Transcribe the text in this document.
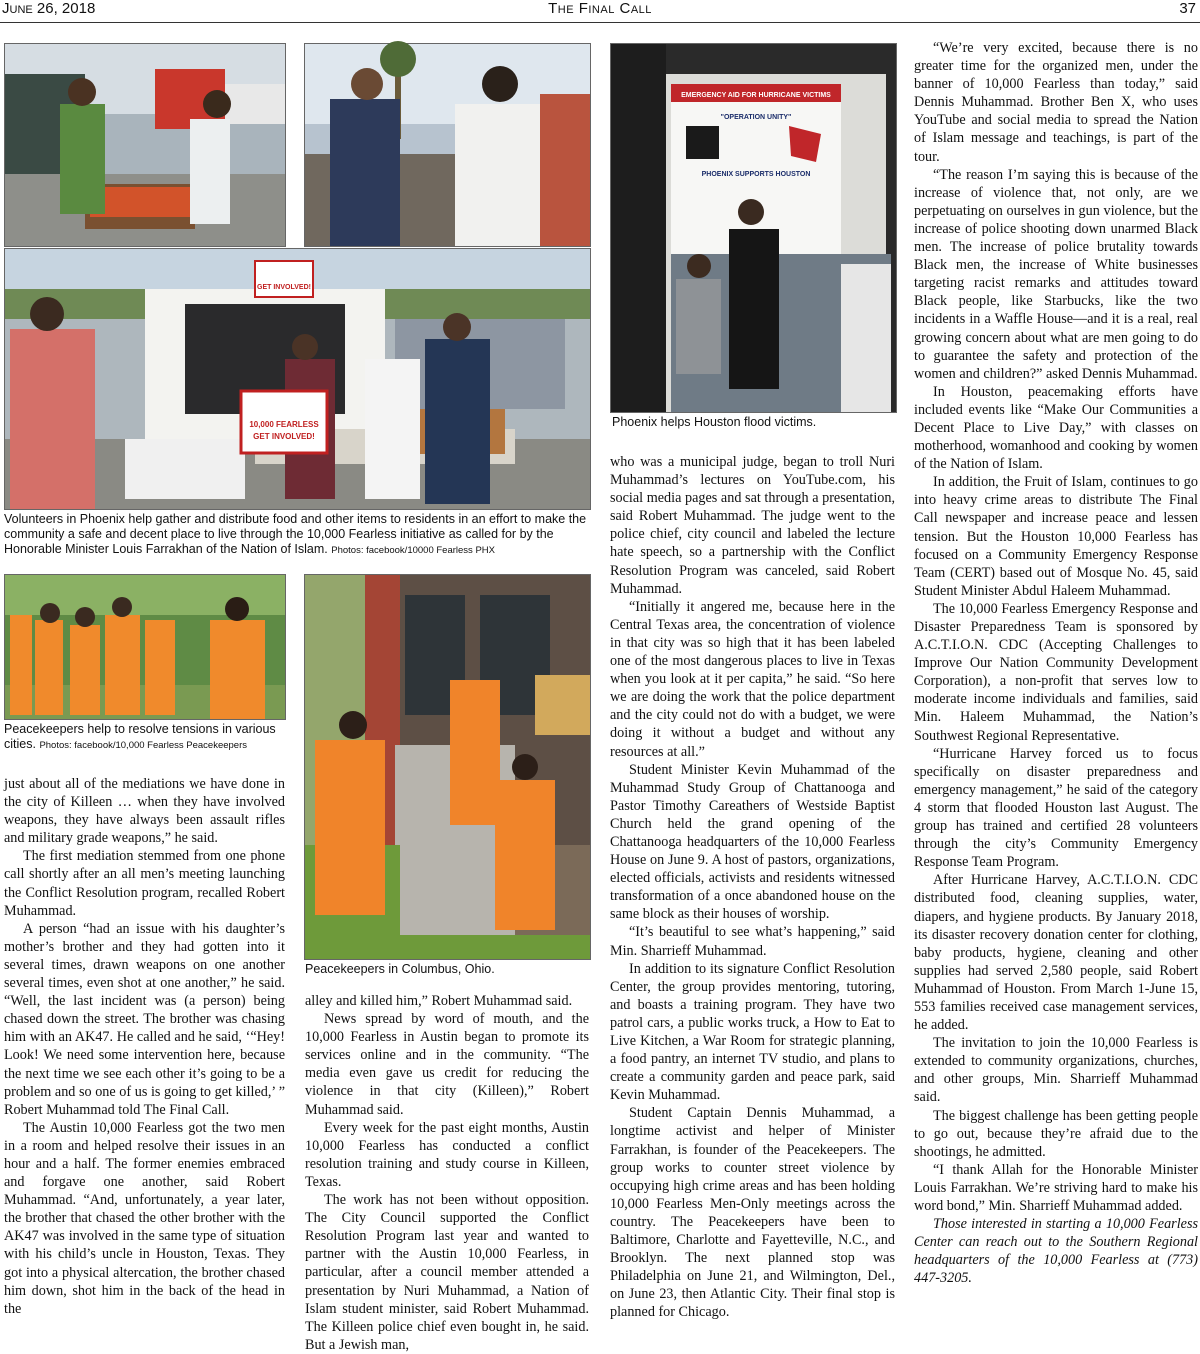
June 26, 2018	The Final Call	37
GET INVOLVED!
10,000 FEARLESS
GET INVOLVED!
Volunteers in Phoenix help gather and distribute food and other items to residents in an effort to make the community a safe and decent place to live through the 10,000 Fearless initiative as called for by the Honorable Minister Louis Farrakhan of the Nation of Islam. Photos: facebook/10000 Fearless PHX
Peacekeepers help to resolve tensions in various cities. Photos: facebook/10,000 Fearless Peacekeepers
Peacekeepers in Columbus, Ohio.
EMERGENCY AID FOR HURRICANE VICTIMS
"OPERATION UNITY"
PHOENIX SUPPORTS HOUSTON
Phoenix helps Houston flood victims.

just about all of the mediations we have done in the city of Killeen … when they have involved weapons, they have always been assault rifles and military grade weapons,” he said.

The first mediation stemmed from one phone call shortly after an all men’s meeting launching the Conflict Resolution program, recalled Robert Muhammad.

A person “had an issue with his daughter’s mother’s brother and they had gotten into it several times, drawn weapons on one another several times, even shot at one another,” he said. “Well, the last incident was (a person) being chased down the street. The brother was chasing him with an AK47. He called and he said, ‘“Hey! Look! We need some intervention here, because the next time we see each other it’s going to be a problem and so one of us is going to get killed,’ ” Robert Muhammad told The Final Call.

The Austin 10,000 Fearless got the two men in a room and helped resolve their issues in an hour and a half. The former enemies embraced and forgave one another, said Robert Muhammad. “And, unfortunately, a year later, the brother that chased the other brother with the AK47 was involved in the same type of situation with his child’s uncle in Houston, Texas. They got into a physical altercation, the brother chased him down, shot him in the back of the head in the

alley and killed him,” Robert Muhammad said.

News spread by word of mouth, and the 10,000 Fearless in Austin began to promote its services online and in the community. “The media even gave us credit for reducing the violence in that city (Killeen),” Robert Muhammad said.

Every week for the past eight months, Austin 10,000 Fearless has conducted a conflict resolution training and study course in Killeen, Texas.

The work has not been without opposition. The City Council supported the Conflict Resolution Program last year and wanted to partner with the Austin 10,000 Fearless, in particular, after a council member attended a presentation by Nuri Muhammad, a Nation of Islam student minister, said Robert Muhammad. The Killeen police chief even bought in, he said. But a Jewish man,

who was a municipal judge, began to troll Nuri Muhammad’s lectures on YouTube.com, his social media pages and sat through a presentation, said Robert Muhammad. The judge went to the police chief, city council and labeled the lecture hate speech, so a partnership with the Conflict Resolution Program was canceled, said Robert Muhammad.

“Initially it angered me, because here in the Central Texas area, the concentration of violence in that city was so high that it has been labeled one of the most dangerous places to live in Texas when you look at it per capita,” he said. “So here we are doing the work that the police department and the city could not do with a budget, we were doing it without a budget and without any resources at all.”

Student Minister Kevin Muhammad of the Muhammad Study Group of Chattanooga and Pastor Timothy Careathers of Westside Baptist Church held the grand opening of the Chattanooga headquarters of the 10,000 Fearless House on June 9. A host of pastors, organizations, elected officials, activists and residents witnessed transformation of a once abandoned house on the same block as their houses of worship.

“It’s beautiful to see what’s happening,” said Min. Sharrieff Muhammad.

In addition to its signature Conflict Resolution Center, the group provides mentoring, tutoring, and boasts a training program. They have two patrol cars, a public works truck, a How to Eat to Live Kitchen, a War Room for strategic planning, a food pantry, an internet TV studio, and plans to create a community garden and peace park, said Kevin Muhammad.

Student Captain Dennis Muhammad, a longtime activist and helper of Minister Farrakhan, is founder of the Peacekeepers. The group works to counter street violence by occupying high crime areas and has been holding 10,000 Fearless Men-Only meetings across the country. The Peacekeepers have been to Baltimore, Charlotte and Fayetteville, N.C., and Brooklyn. The next planned stop was Philadelphia on June 21, and Wilmington, Del., on June 23, then Atlantic City. Their final stop is planned for Chicago.

“We’re very excited, because there is no greater time for the organized men, under the banner of 10,000 Fearless than today,” said Dennis Muhammad. Brother Ben X, who uses YouTube and social media to spread the Nation of Islam message and teachings, is part of the tour.

“The reason I’m saying this is because of the increase of violence that, not only, are we perpetuating on ourselves in gun violence, but the increase of police shooting down unarmed Black men. The increase of police brutality towards Black men, the increase of White businesses targeting racist remarks and attitudes toward Black people, like Starbucks, like the two incidents in a Waffle House—and it is a real, real growing concern about what are men going to do to guarantee the safety and protection of the women and children?” asked Dennis Muhammad.

In Houston, peacemaking efforts have included events like “Make Our Communities a Decent Place to Live Day,” with classes on motherhood, womanhood and cooking by women of the Nation of Islam.

In addition, the Fruit of Islam, continues to go into heavy crime areas to distribute The Final Call newspaper and increase peace and lessen tension. But the Houston 10,000 Fearless has focused on a Community Emergency Response Team (CERT) based out of Mosque No. 45, said Student Minister Abdul Haleem Muhammad.

The 10,000 Fearless Emergency Response and Disaster Preparedness Team is sponsored by A.C.T.I.O.N. CDC (Accepting Challenges to Improve Our Nation Community Development Corporation), a non-profit that serves low to moderate income individuals and families, said Min. Haleem Muhammad, the Nation’s Southwest Regional Representative.

“Hurricane Harvey forced us to focus specifically on disaster preparedness and emergency management,” he said of the category 4 storm that flooded Houston last August. The group has trained and certified 28 volunteers through the city’s Community Emergency Response Team Program.

After Hurricane Harvey, A.C.T.I.O.N. CDC distributed food, cleaning supplies, water, diapers, and hygiene products. By January 2018, its disaster recovery donation center for clothing, baby products, hygiene, cleaning and other supplies had served 2,580 people, said Robert Muhammad of Houston. From March 1-June 15, 553 families received case management services, he added.

The invitation to join the 10,000 Fearless is extended to community organizations, churches, and other groups, Min. Sharrieff Muhammad said.

The biggest challenge has been getting people to go out, because they’re afraid due to the shootings, he admitted.

“I thank Allah for the Honorable Minister Louis Farrakhan. We’re striving hard to make his word bond,” Min. Sharrieff Muhammad added.

Those interested in starting a 10,000 Fearless Center can reach out to the Southern Regional headquarters of the 10,000 Fearless at (773) 447-3205.
